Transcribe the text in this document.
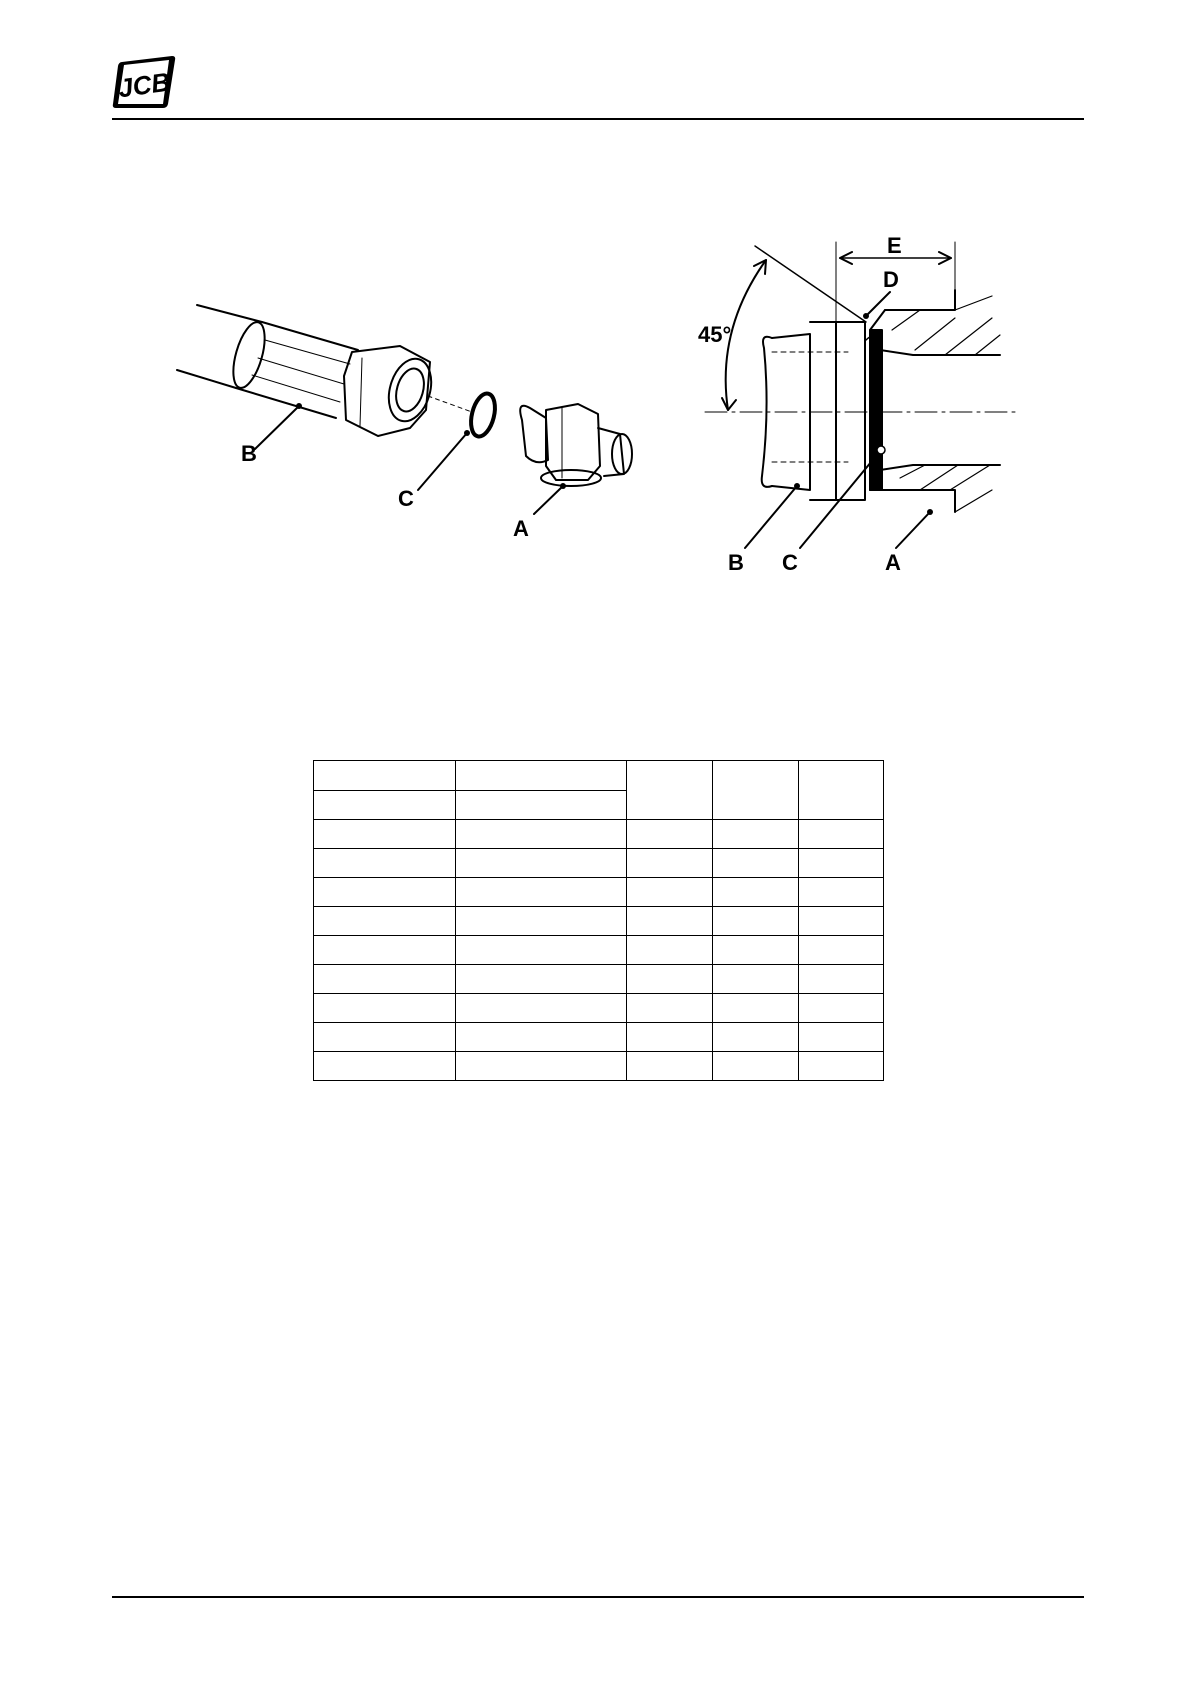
JCB
B
C
A
45°
E
D
B C	A
